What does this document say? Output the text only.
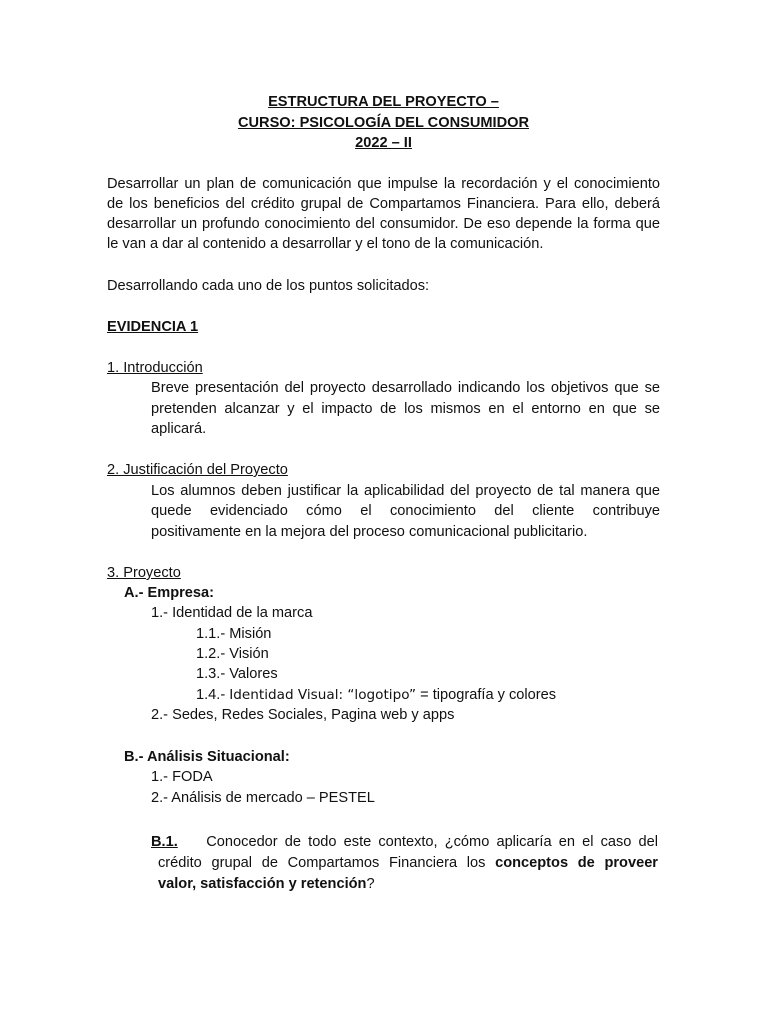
ESTRUCTURA DEL PROYECTO –
CURSO: PSICOLOGÍA DEL CONSUMIDOR
2022 – II
Desarrollar un plan de comunicación que impulse la recordación y el conocimiento
de los beneficios del crédito grupal de Compartamos Financiera. Para ello, deberá
desarrollar un profundo conocimiento del consumidor. De eso depende la forma que
le van a dar al contenido a desarrollar y el tono de la comunicación.
Desarrollando cada uno de los puntos solicitados:
EVIDENCIA 1
1. Introducción
Breve presentación del proyecto desarrollado indicando los objetivos que se
pretenden alcanzar y el impacto de los mismos en el entorno en que se
aplicará.
2. Justificación del Proyecto
Los alumnos deben justificar la aplicabilidad del proyecto de tal manera que
quede evidenciado cómo el conocimiento del cliente contribuye
positivamente en la mejora del proceso comunicacional publicitario.
3. Proyecto
A.- Empresa:
1.- Identidad de la marca
1.1.- Misión
1.2.- Visión
1.3.- Valores
1.4.- Identidad Visual: “logotipo” = tipografía y colores
2.- Sedes, Redes Sociales, Pagina web y apps
B.- Análisis Situacional:
1.- FODA
2.- Análisis de mercado – PESTEL
B.1. Conocedor de todo este contexto, ¿cómo aplicaría en el caso del
crédito grupal de Compartamos Financiera los conceptos de proveer
valor, satisfacción y retención?
